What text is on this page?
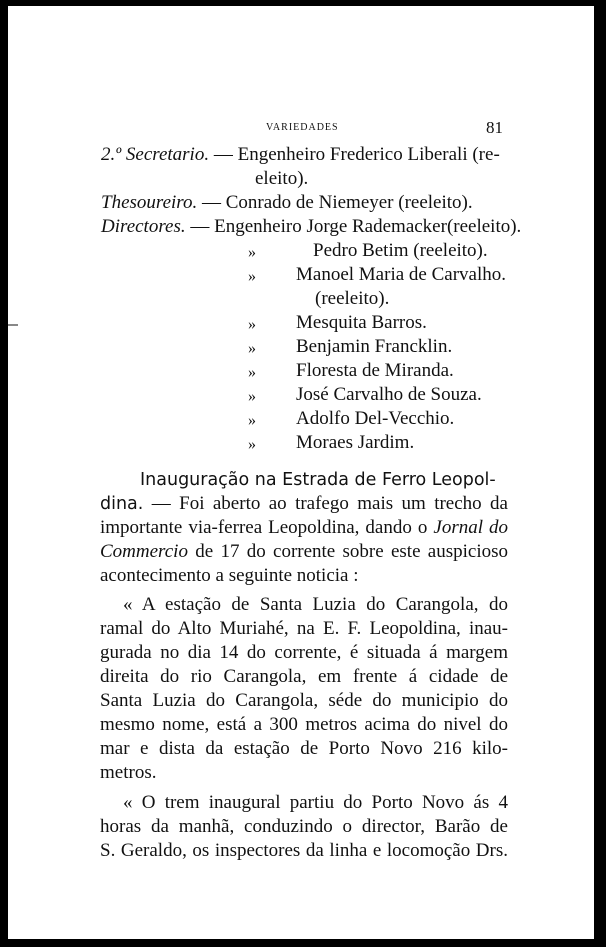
VARIEDADES	81
2.º Secretario. — Engenheiro Frederico Liberali (re-
eleito).
Thesoureiro. — Conrado de Niemeyer (reeleito).
Directores. — Engenheiro Jorge Rademacker(reeleito).
»	Pedro Betim (reeleito).
» Manoel Maria de Carvalho.
(reeleito).
» Mesquita Barros.
» Benjamin Francklin.
» Floresta de Miranda.
» José Carvalho de Souza.
» Adolfo Del-Vecchio.
» Moraes Jardim.
Inauguração na Estrada de Ferro Leopol-
dina. — Foi aberto ao trafego mais um trecho da
importante via-ferrea Leopoldina, dando o Jornal do
Commercio de 17 do corrente sobre este auspicioso
acontecimento a seguinte noticia :
« A estação de Santa Luzia do Carangola, do
ramal do Alto Muriahé, na E. F. Leopoldina, inau-
gurada no dia 14 do corrente, é situada á margem
direita do rio Carangola, em frente á cidade de
Santa Luzia do Carangola, séde do municipio do
mesmo nome, está a 300 metros acima do nivel do
mar e dista da estação de Porto Novo 216 kilo-
metros.
« O trem inaugural partiu do Porto Novo ás 4
horas da manhã, conduzindo o director, Barão de
S. Geraldo, os inspectores da linha e locomoção Drs.
